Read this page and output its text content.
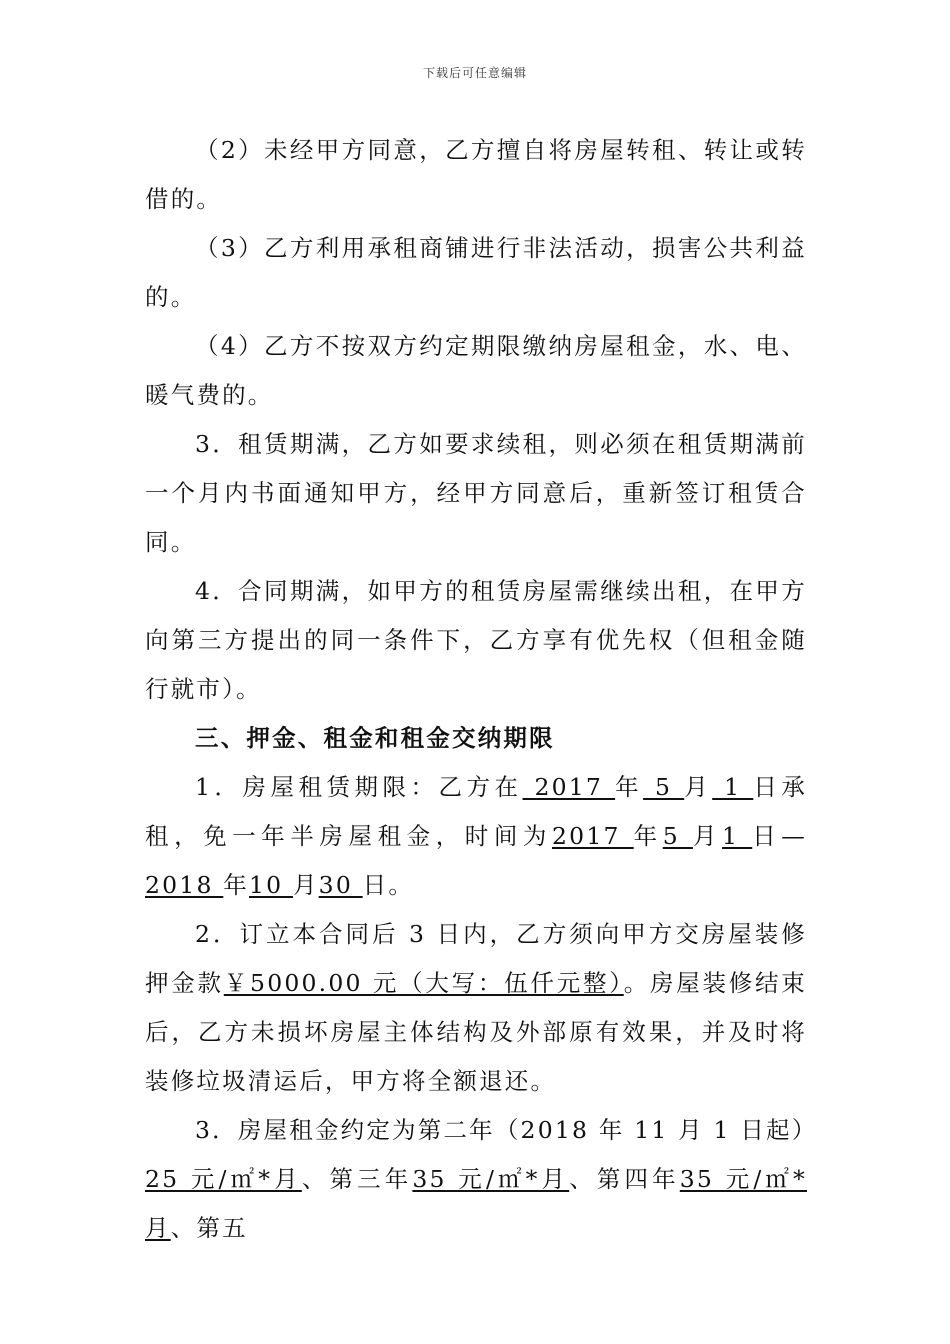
下载后可任意编辑

（2）未经甲方同意，乙方擅自将房屋转租、转让或转借的。

（3）乙方利用承租商铺进行非法活动，损害公共利益的。

（4）乙方不按双方约定期限缴纳房屋租金，水、电、暖气费的。

3．租赁期满，乙方如要求续租，则必须在租赁期满前一个月内书面通知甲方，经甲方同意后，重新签订租赁合同。

4．合同期满，如甲方的租赁房屋需继续出租，在甲方向第三方提出的同一条件下，乙方享有优先权（但租金随行就市）。

三、押金、租金和租金交纳期限

1．房屋租赁期限：乙方在 2017 年 5 月 1 日承租，免一年半房屋租金，时间为2017 年5 月1 日—2018 年10 月30 日。

2．订立本合同后 3 日内，乙方须向甲方交房屋装修押金款￥5000.00 元（大写：伍仟元整）。房屋装修结束后，乙方未损坏房屋主体结构及外部原有效果，并及时将装修垃圾清运后，甲方将全额退还。

3．房屋租金约定为第二年（2018 年 11 月 1 日起）25 元/㎡*月、第三年35 元/㎡*月、第四年35 元/㎡*月、第五
